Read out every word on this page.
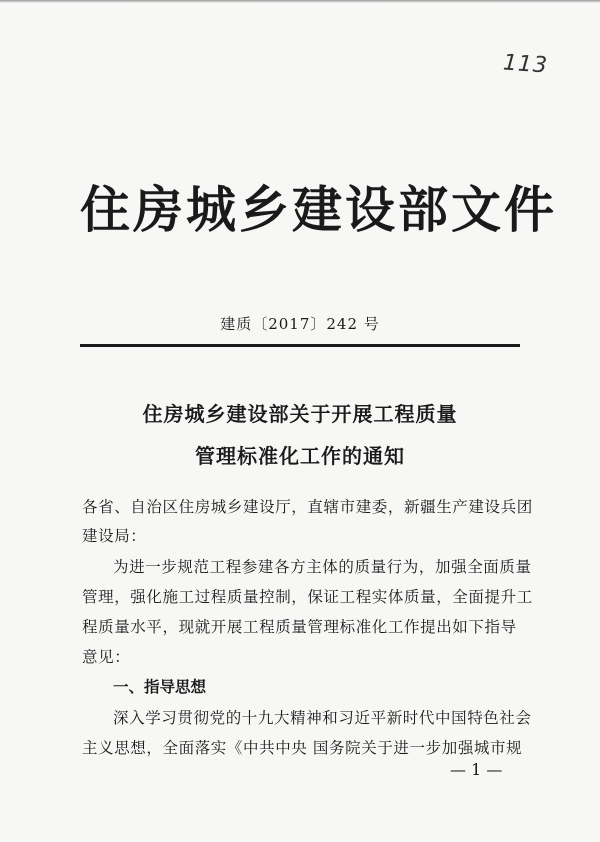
113
住房城乡建设部文件
建质〔2017〕242 号
住房城乡建设部关于开展工程质量
管理标准化工作的通知
各省、自治区住房城乡建设厅，直辖市建委，新疆生产建设兵团
建设局：
为进一步规范工程参建各方主体的质量行为，加强全面质量
管理，强化施工过程质量控制，保证工程实体质量，全面提升工
程质量水平，现就开展工程质量管理标准化工作提出如下指导
意见：
一、指导思想
深入学习贯彻党的十九大精神和习近平新时代中国特色社会
主义思想，全面落实《中共中央 国务院关于进一步加强城市规
— 1 —
